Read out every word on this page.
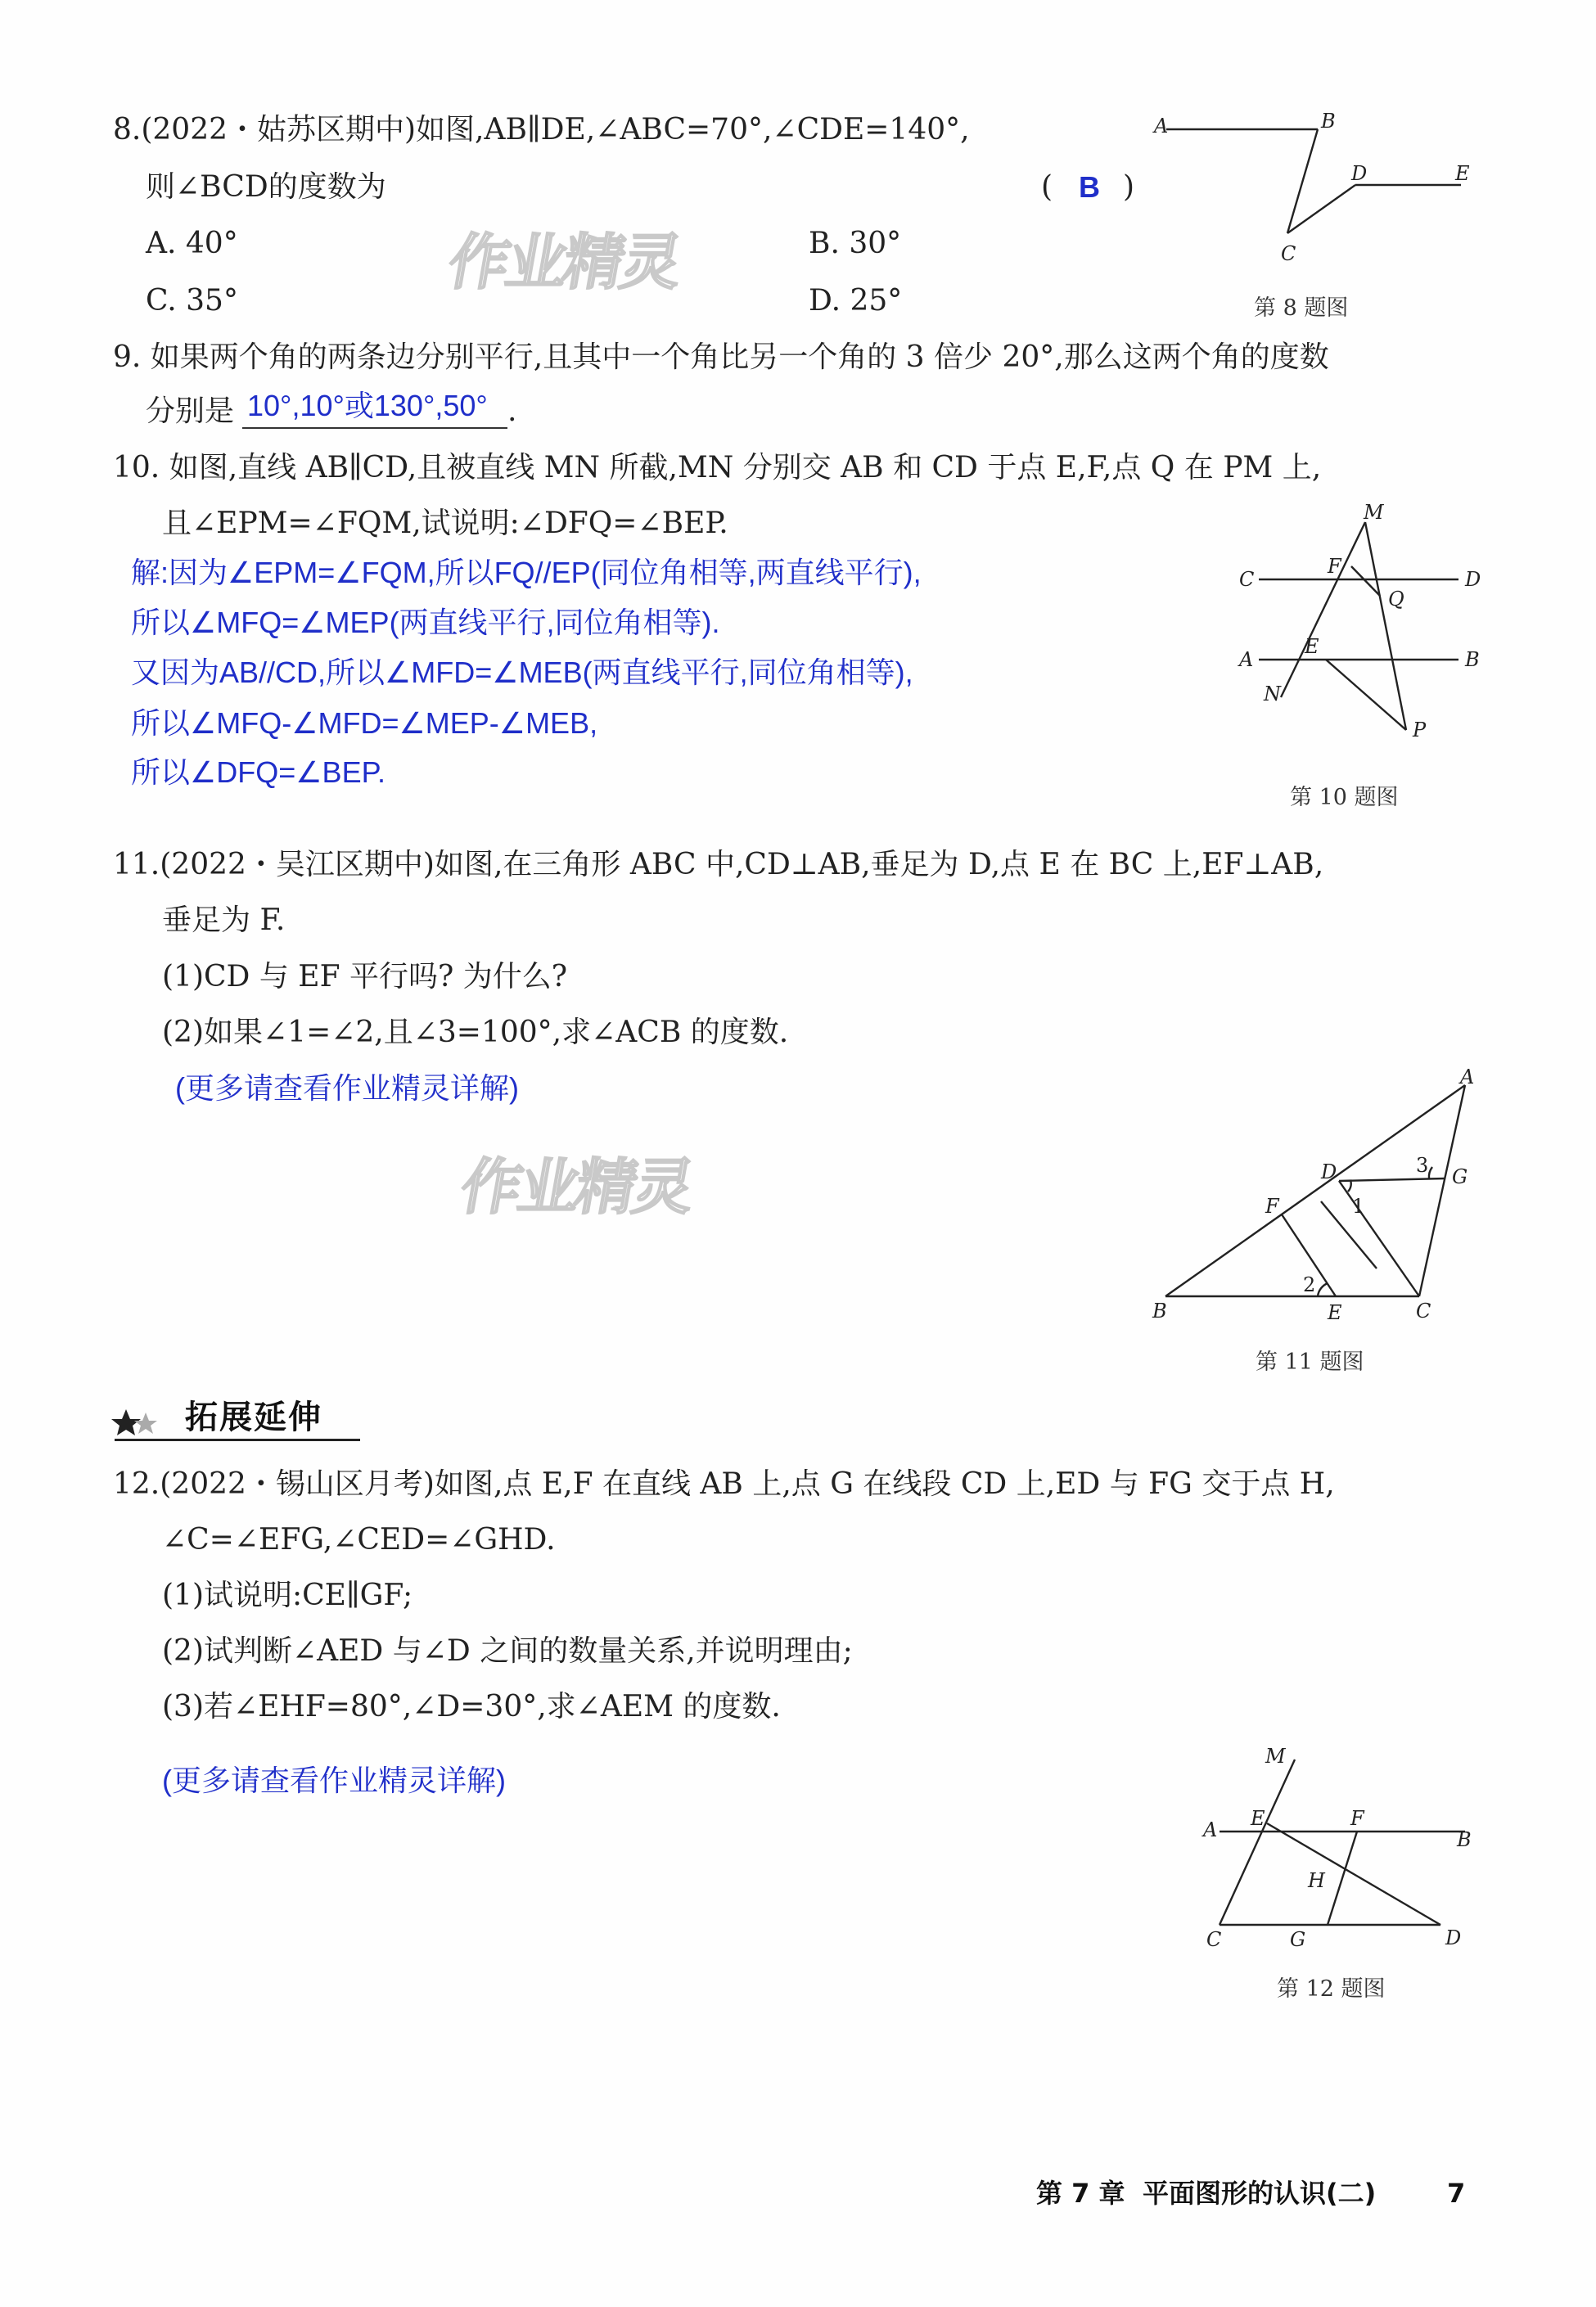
作业精灵
作业精灵
8.(2022・姑苏区期中)如图,AB∥DE,∠ABC=70°,∠CDE=140°,
则∠BCD的度数为	( B )
A. 40°	B. 30°
C. 35°	D. 25°
A	B
D	E
C
第 8 题图
9. 如果两个角的两条边分别平行,且其中一个角比另一个角的 3 倍少 20°,那么这两个角的度数
分别是 10°,10°或130°,50° .
10. 如图,直线 AB∥CD,且被直线 MN 所截,MN 分别交 AB 和 CD 于点 E,F,点 Q 在 PM 上,
且∠EPM=∠FQM,试说明:∠DFQ=∠BEP.
解:因为∠EPM=∠FQM,所以FQ//EP(同位角相等,两直线平行),
所以∠MFQ=∠MEP(两直线平行,同位角相等).
又因为AB//CD,所以∠MFD=∠MEB(两直线平行,同位角相等),
所以∠MFQ-∠MFD=∠MEP-∠MEB,
所以∠DFQ=∠BEP.
M
C
F
D
Q
A
E
B
N
P
第 10 题图
11.(2022・吴江区期中)如图,在三角形 ABC 中,CD⊥AB,垂足为 D,点 E 在 BC 上,EF⊥AB,
垂足为 F.
(1)CD 与 EF 平行吗? 为什么?
(2)如果∠1=∠2,且∠3=100°,求∠ACB 的度数.
(更多请查看作业精灵详解)	A
D	G
F
B	E	C
1
2
3
第 11 题图
拓展延伸
12.(2022・锡山区月考)如图,点 E,F 在直线 AB 上,点 G 在线段 CD 上,ED 与 FG 交于点 H,
∠C=∠EFG,∠CED=∠GHD.
(1)试说明:CE∥GF;
(2)试判断∠AED 与∠D 之间的数量关系,并说明理由;
(3)若∠EHF=80°,∠D=30°,求∠AEM 的度数.
(更多请查看作业精灵详解)
M
A E	F
B
H
C	G	D
第 12 题图
第 7 章 平面图形的认识(二)	7
